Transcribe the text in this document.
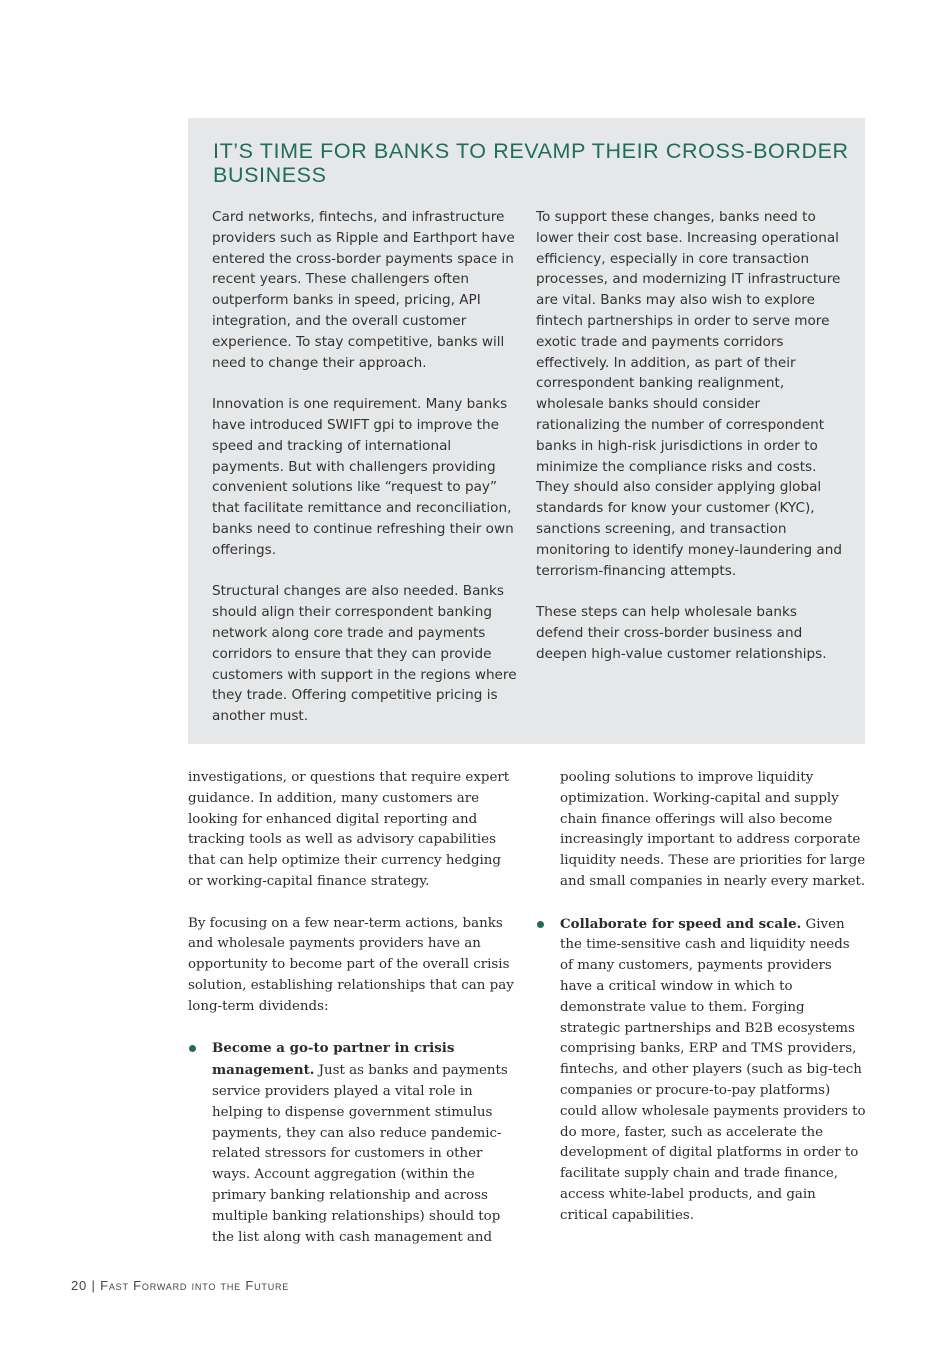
IT’S TIME FOR BANKS TO REVAMP THEIR CROSS-BORDER BUSINESS

Card networks, fintechs, and infrastructure providers such as Ripple and Earthport have entered the cross-border payments space in recent years. These challengers often outperform banks in speed, pricing, API integration, and the overall customer experience. To stay competitive, banks will need to change their approach.

Innovation is one requirement. Many banks have introduced SWIFT gpi to improve the speed and tracking of international payments. But with challengers providing convenient solutions like “request to pay” that facilitate remittance and reconciliation, banks need to continue refreshing their own offerings.

Structural changes are also needed. Banks should align their correspondent banking network along core trade and payments corridors to ensure that they can provide customers with support in the regions where they trade. Offering competitive pricing is another must.

To support these changes, banks need to lower their cost base. Increasing operational efficiency, especially in core transaction processes, and modernizing IT infrastructure are vital. Banks may also wish to explore fintech partnerships in order to serve more exotic trade and payments corridors effectively. In addition, as part of their correspondent banking realignment, wholesale banks should consider rationalizing the number of correspondent banks in high-risk jurisdictions in order to minimize the compliance risks and costs. They should also consider applying global standards for know your customer (KYC), sanctions screening, and transaction monitoring to identify money-laundering and terrorism-financing attempts.

These steps can help wholesale banks defend their cross-border business and deepen high-value customer relationships.

investigations, or questions that require expert guidance. In addition, many customers are looking for enhanced digital reporting and tracking tools as well as advisory capabilities that can help optimize their currency hedging or working-capital finance strategy.

By focusing on a few near-term actions, banks and wholesale payments providers have an opportunity to become part of the overall crisis solution, establishing relationships that can pay long-term dividends:

Become a go-to partner in crisis management. Just as banks and payments service providers played a vital role in helping to dispense government stimulus payments, they can also reduce pandemic-related stressors for customers in other ways. Account aggregation (within the primary banking relationship and across multiple banking relationships) should top the list along with cash management and

pooling solutions to improve liquidity optimization. Working-capital and supply chain finance offerings will also become increasingly important to address corporate liquidity needs. These are priorities for large and small companies in nearly every market.

Collaborate for speed and scale. Given the time-sensitive cash and liquidity needs of many customers, payments providers have a critical window in which to demonstrate value to them. Forging strategic partnerships and B2B ecosystems comprising banks, ERP and TMS providers, fintechs, and other players (such as big-tech companies or procure-to-pay platforms) could allow wholesale payments providers to do more, faster, such as accelerate the development of digital platforms in order to facilitate supply chain and trade finance, access white-label products, and gain critical capabilities.
20 | Fast Forward into the Future
